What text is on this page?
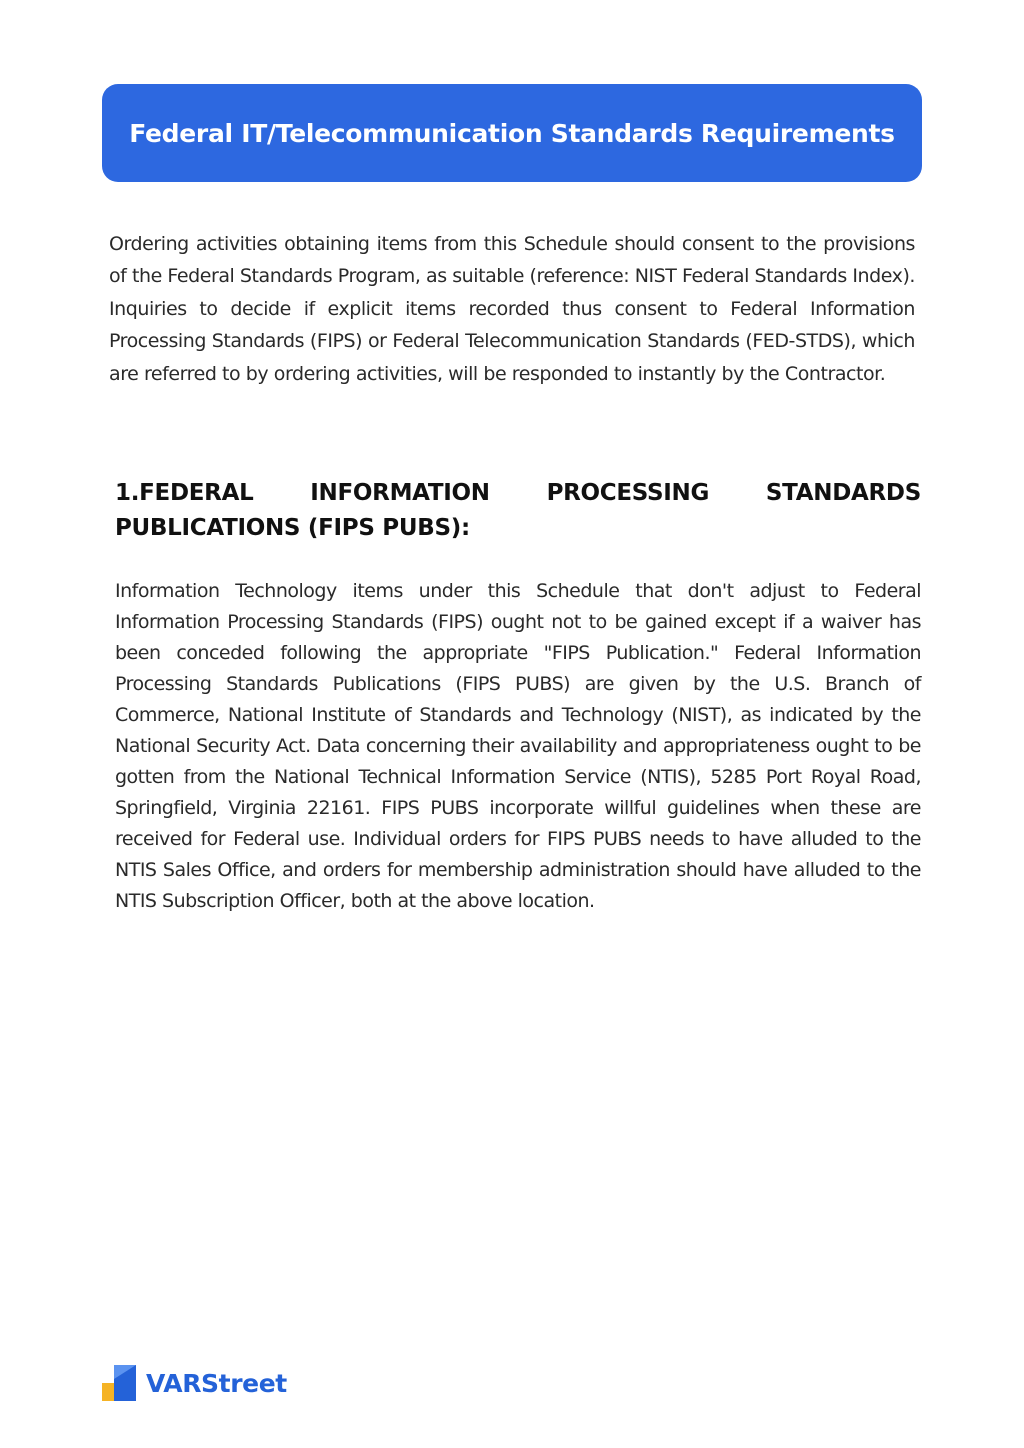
Federal IT/Telecommunication Standards Requirements

Ordering activities obtaining items from this Schedule should consent to the provisions of the Federal Standards Program, as suitable (reference: NIST Federal Standards Index). Inquiries to decide if explicit items recorded thus consent to Federal Information Processing Standards (FIPS) or Federal Telecommunication Standards (FED-STDS), which are referred to by ordering activities, will be responded to instantly by the Contractor.

1.FEDERAL INFORMATION PROCESSING STANDARDS
PUBLICATIONS (FIPS PUBS):

Information Technology items under this Schedule that don't adjust to Federal Information Processing Standards (FIPS) ought not to be gained except if a waiver has been conceded following the appropriate "FIPS Publication." Federal Information Processing Standards Publications (FIPS PUBS) are given by the U.S. Branch of Commerce, National Institute of Standards and Technology (NIST), as indicated by the National Security Act. Data concerning their availability and appropriateness ought to be gotten from the National Technical Information Service (NTIS), 5285 Port Royal Road, Springfield, Virginia 22161. FIPS PUBS incorporate willful guidelines when these are received for Federal use. Individual orders for FIPS PUBS needs to have alluded to the NTIS Sales Office, and orders for membership administration should have alluded to the NTIS Subscription Officer, both at the above location.

VARStreet
